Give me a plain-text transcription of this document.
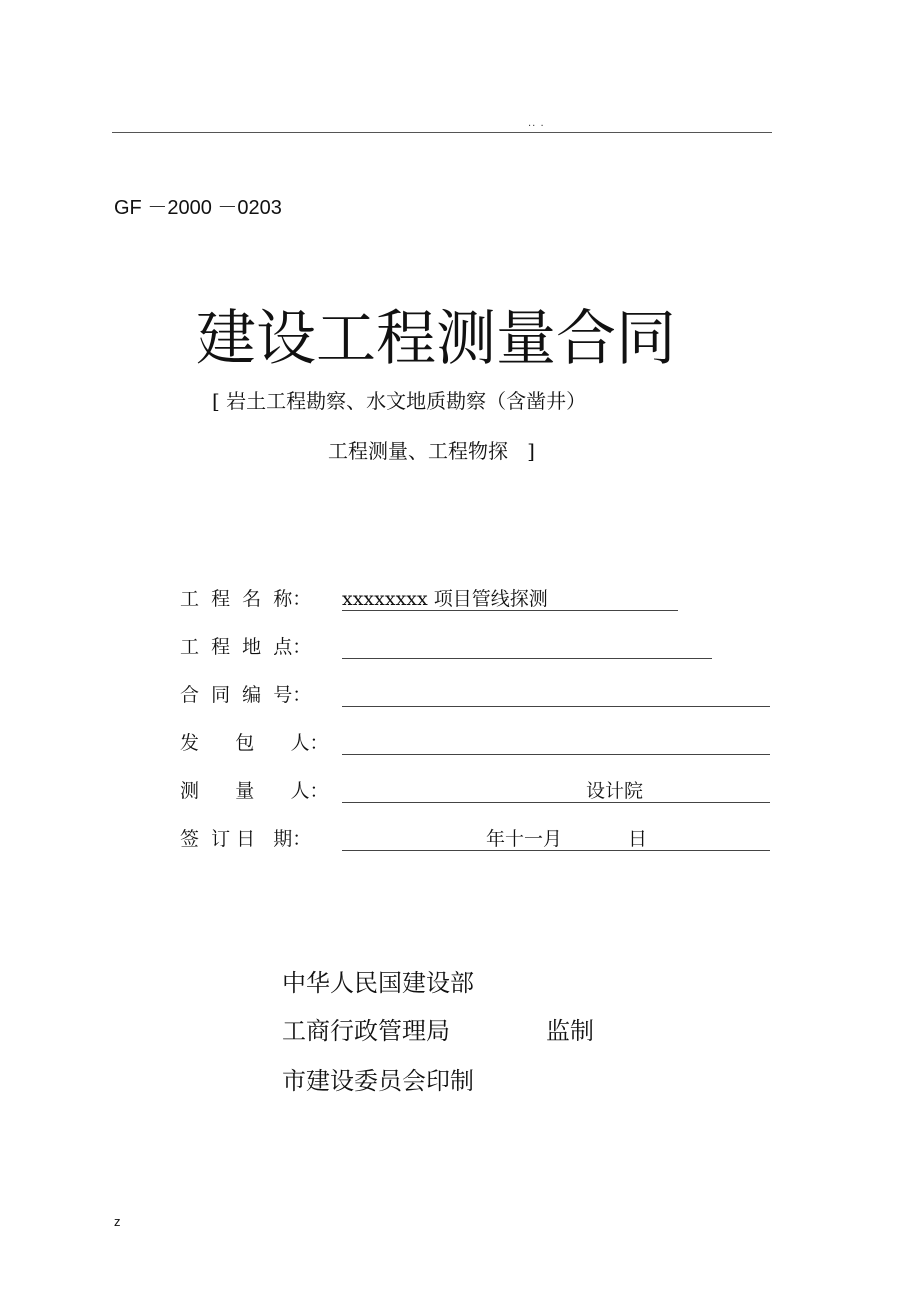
.. .
GF －2000 －0203
建设工程测量合同
[ 岩土工程勘察、水文地质勘察（含凿井）
工程测量、工程物探   ]
工  程  名  称：	xxxxxxxx 项目管线探测
工  程  地  点：
合  同  编  号：
发      包      人：
测      量      人：	设计院
签  订 日   期：	年十一月	日
中华人民国建设部
工商行政管理局	监制
市建设委员会印制
z
